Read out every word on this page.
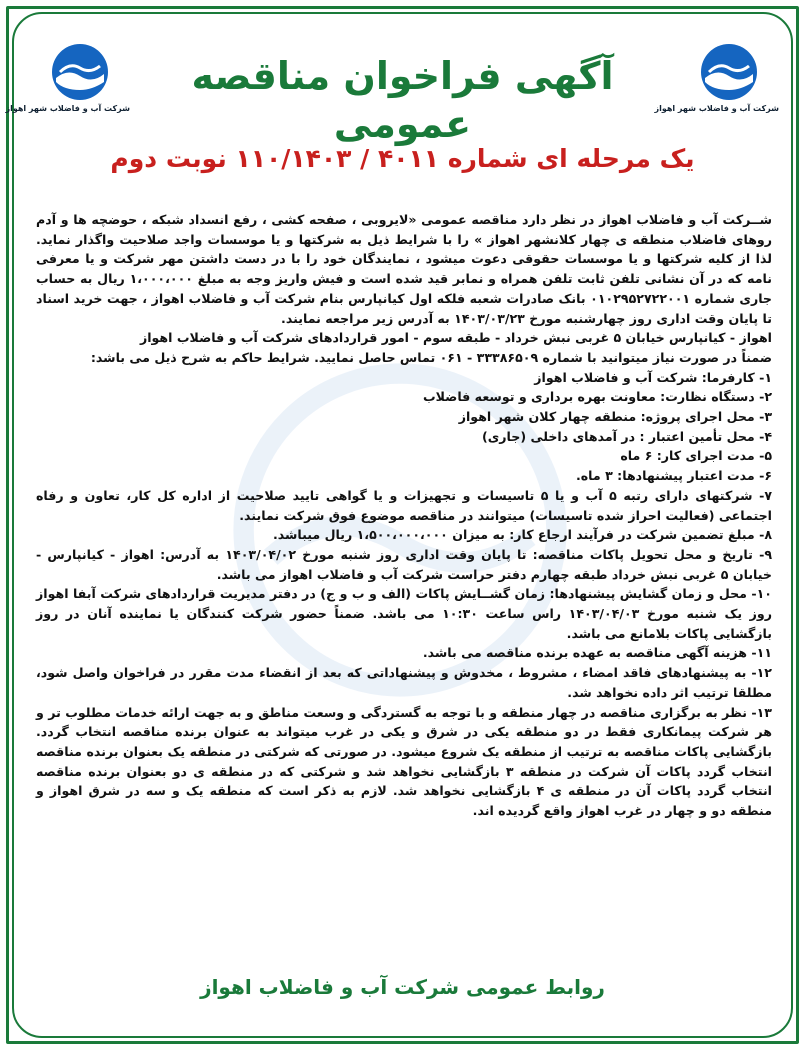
شرکت آب و فاضلاب شهر اهواز
شرکت آب و فاضلاب شهر اهواز
آگهی فراخوان مناقصه عمومی
یک مرحله ای شماره ۴۰۱۱ / ۱۱۰/۱۴۰۳ نوبت دوم

شــرکت آب و فاضلاب اهواز در نظر دارد مناقصه عمومی «لایروبی ، صفحه کشی ، رفع انسداد شبکه ، حوضچه ها و آدم روهای فاضلاب منطقه ی چهار کلانشهر اهواز » را با شرایط ذیل به شرکتها و یا موسسات واجد صلاحیت واگذار نماید. لذا از کلیه شرکتها و یا موسسات حقوقی دعوت میشود ، نمایندگان خود را با در دست داشتن مهر شرکت و یا معرفی نامه که در آن نشانی تلفن ثابت تلفن همراه و نمابر قید شده است و فیش واریز وجه به مبلغ ۱،۰۰۰،۰۰۰ ریال به حساب جاری شماره ۰۱۰۲۹۵۲۷۲۲۰۰۱ بانک صادرات شعبه فلکه اول کیانپارس بنام شرکت آب و فاضلاب اهواز ، جهت خرید اسناد تا پایان وقت اداری روز چهارشنبه مورخ ۱۴۰۳/۰۳/۲۳ به آدرس زیر مراجعه نمایند.

اهواز - کیانپارس خیابان ۵ غربی نبش خرداد - طبقه سوم - امور قراردادهای شرکت آب و فاضلاب اهواز

ضمناً در صورت نیاز میتوانید با شماره ۳۳۳۸۶۵۰۹ - ۰۶۱ تماس حاصل نمایید. شرایط حاکم به شرح ذیل می باشد:

۱- کارفرما: شرکت آب و فاضلاب اهواز

۲- دستگاه نظارت: معاونت بهره برداری و توسعه فاضلاب

۳- محل اجرای پروژه: منطقه چهار کلان شهر اهواز

۴- محل تأمین اعتبار : در آمدهای داخلی (جاری)

۵- مدت اجرای کار: ۶ ماه

۶- مدت اعتبار پیشنهادها: ۳ ماه.

۷- شرکتهای دارای رتبه ۵ آب و یا ۵ تاسیسات و تجهیزات و یا گواهی تایید صلاحیت از اداره کل کار، تعاون و رفاه اجتماعی (فعالیت احراز شده تاسیسات) میتوانند در مناقصه موضوع فوق شرکت نمایند.

۸- مبلغ تضمین شرکت در فرآیند ارجاع کار: به میزان ۱،۵۰۰،۰۰۰،۰۰۰ ریال میباشد.

۹- تاریخ و محل تحویل پاکات مناقصه: تا پایان وقت اداری روز شنبه مورخ ۱۴۰۳/۰۴/۰۲ به آدرس: اهواز - کیانپارس - خیابان ۵ غربی نبش خرداد طبقه چهارم دفتر حراست شرکت آب و فاضلاب اهواز می باشد.

۱۰- محل و زمان گشایش پیشنهادها: زمان گشــایش پاکات (الف و ب و ج) در دفتر مدیریت قراردادهای شرکت آبفا اهواز روز یک شنبه مورخ ۱۴۰۳/۰۴/۰۳ راس ساعت ۱۰:۳۰ می باشد. ضمناً حضور شرکت کنندگان یا نماینده آنان در روز بازگشایی پاکات بلامانع می باشد.

۱۱- هزینه آگهی مناقصه به عهده برنده مناقصه می باشد.

۱۲- به پیشنهادهای فاقد امضاء ، مشروط ، مخدوش و پیشنهاداتی که بعد از انقضاء مدت مقرر در فراخوان واصل شود، مطلقا ترتیب اثر داده نخواهد شد.

۱۳- نظر به برگزاری مناقصه در چهار منطقه و با توجه به گستردگی و وسعت مناطق و به جهت ارائه خدمات مطلوب تر و هر شرکت پیمانکاری فقط در دو منطقه یکی در شرق و یکی در غرب میتواند به عنوان برنده مناقصه انتخاب گردد. بازگشایی پاکات مناقصه به ترتیب از منطقه یک شروع میشود. در صورتی که شرکتی در منطقه یک بعنوان برنده مناقصه انتخاب گردد پاکات آن شرکت در منطقه ۳ بازگشایی نخواهد شد و شرکتی که در منطقه ی دو بعنوان برنده مناقصه انتخاب گردد پاکات آن در منطقه ی ۴ بازگشایی نخواهد شد. لازم به ذکر است که منطقه یک و سه در شرق اهواز و منطقه دو و چهار در غرب اهواز واقع گردیده اند.

روابط عمومی شرکت آب و فاضلاب اهواز
